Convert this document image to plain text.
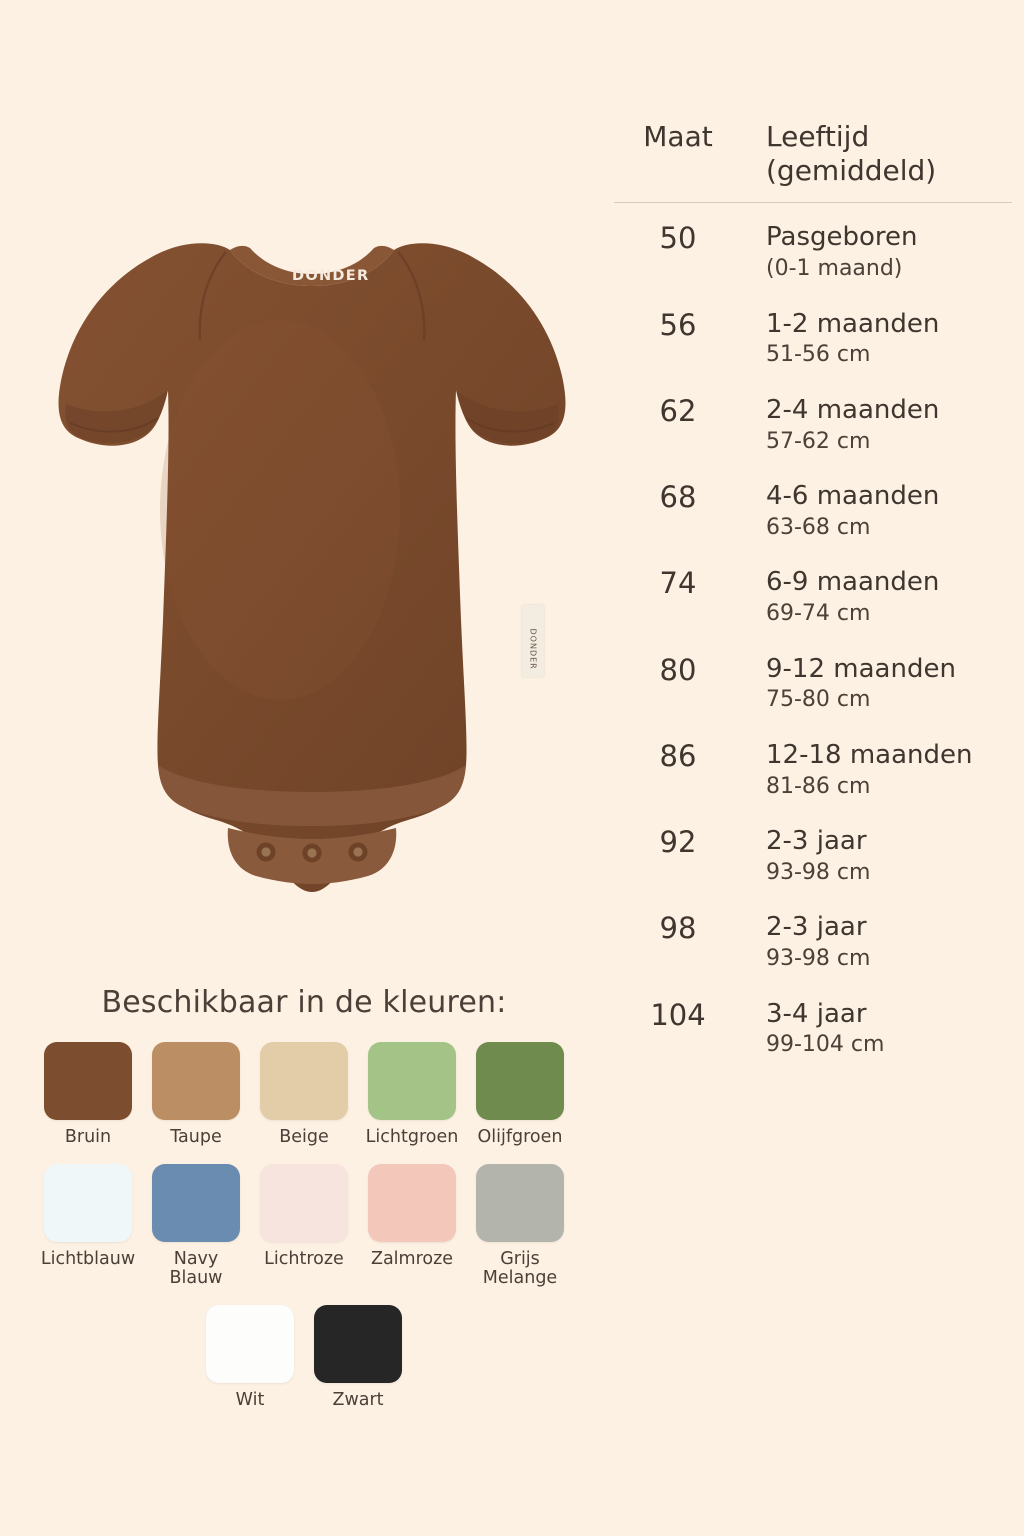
DONDER
DONDER
Beschikbaar in de kleuren:
Bruin	Taupe	Beige Lichtgroen Olijfgroen
Lichtblauw	Navy Blauw
Lichtroze Zalmroze	Grijs Melange
Wit	Zwart
Maat	Leeftijd
(gemiddeld)
50	Pasgeboren
(0-1 maand)
56	1-2 maanden
51-56 cm
62	2-4 maanden
57-62 cm
68	4-6 maanden
63-68 cm
74	6-9 maanden
69-74 cm
80	9-12 maanden
75-80 cm
86	12-18 maanden
81-86 cm
92	2-3 jaar
93-98 cm
98	2-3 jaar
93-98 cm
104	3-4 jaar
99-104 cm
